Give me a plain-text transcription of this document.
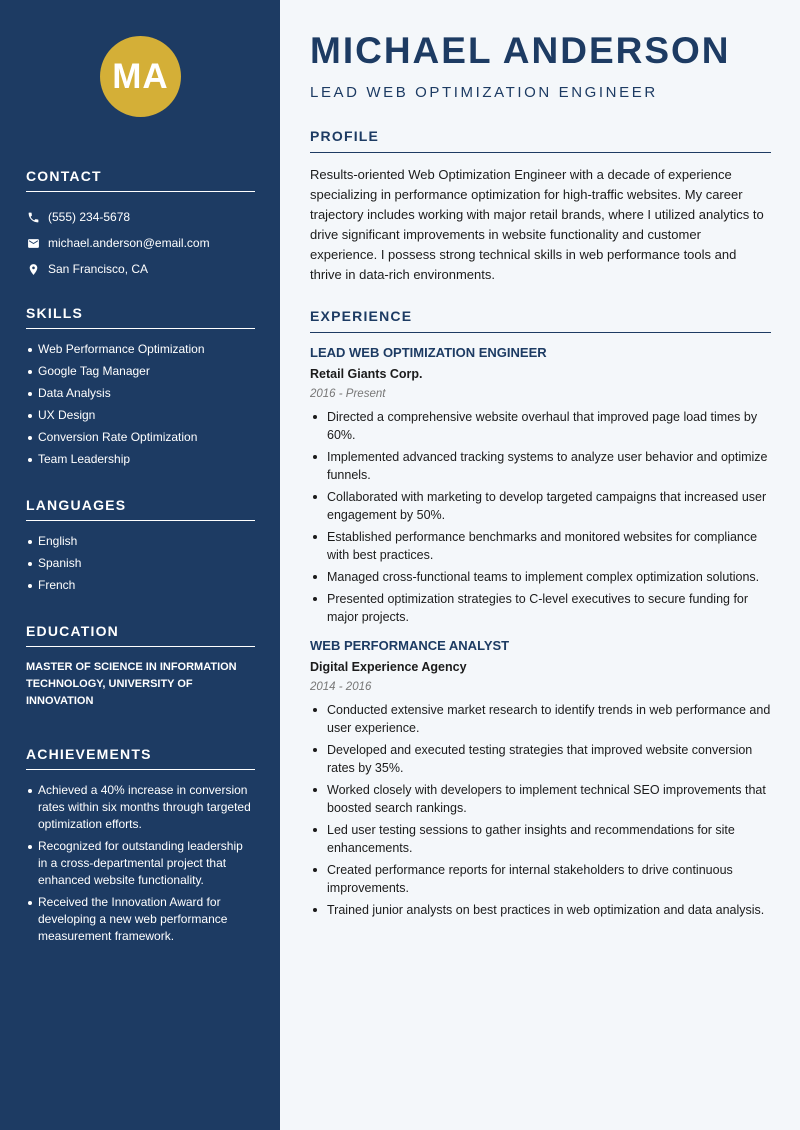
MA
CONTACT
(555) 234-5678
michael.anderson@email.com
San Francisco, CA
SKILLS
Web Performance Optimization
Google Tag Manager
Data Analysis
UX Design
Conversion Rate Optimization
Team Leadership
LANGUAGES
English
Spanish
French
EDUCATION
MASTER OF SCIENCE IN INFORMATION TECHNOLOGY, UNIVERSITY OF INNOVATION
ACHIEVEMENTS
Achieved a 40% increase in conversion rates within six months through targeted optimization efforts.
Recognized for outstanding leadership in a cross-departmental project that enhanced website functionality.
Received the Innovation Award for developing a new web performance measurement framework.
MICHAEL ANDERSON
LEAD WEB OPTIMIZATION ENGINEER
PROFILE
Results-oriented Web Optimization Engineer with a decade of experience specializing in performance optimization for high-traffic websites. My career trajectory includes working with major retail brands, where I utilized analytics to drive significant improvements in website functionality and customer experience. I possess strong technical skills in web performance tools and thrive in data-rich environments.
EXPERIENCE
LEAD WEB OPTIMIZATION ENGINEER
Retail Giants Corp.
2016 - Present
Directed a comprehensive website overhaul that improved page load times by 60%.
Implemented advanced tracking systems to analyze user behavior and optimize funnels.
Collaborated with marketing to develop targeted campaigns that increased user engagement by 50%.
Established performance benchmarks and monitored websites for compliance with best practices.
Managed cross-functional teams to implement complex optimization solutions.
Presented optimization strategies to C-level executives to secure funding for major projects.
WEB PERFORMANCE ANALYST
Digital Experience Agency
2014 - 2016
Conducted extensive market research to identify trends in web performance and user experience.
Developed and executed testing strategies that improved website conversion rates by 35%.
Worked closely with developers to implement technical SEO improvements that boosted search rankings.
Led user testing sessions to gather insights and recommendations for site enhancements.
Created performance reports for internal stakeholders to drive continuous improvements.
Trained junior analysts on best practices in web optimization and data analysis.
